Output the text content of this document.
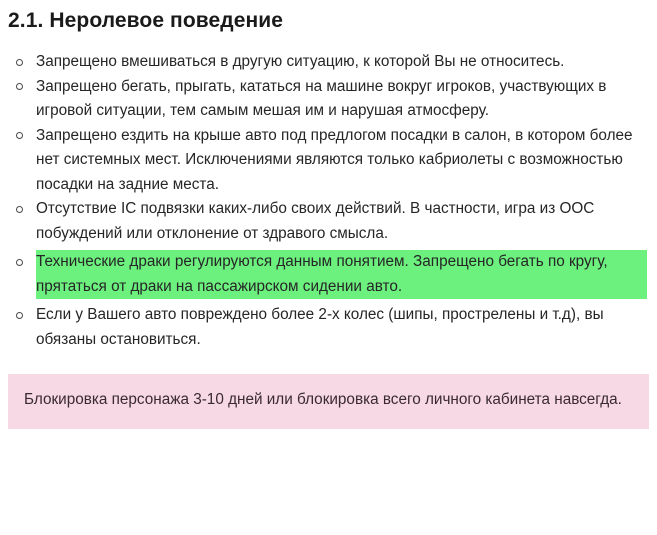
2.1. Неролевое поведение
Запрещено вмешиваться в другую ситуацию, к которой Вы не относитесь.
Запрещено бегать, прыгать, кататься на машине вокруг игроков, участвующих в игровой ситуации, тем самым мешая им и нарушая атмосферу.
Запрещено ездить на крыше авто под предлогом посадки в салон, в котором более нет системных мест. Исключениями являются только кабриолеты с возможностью посадки на задние места.
Отсутствие IC подвязки каких-либо своих действий. В частности, игра из ООС побуждений или отклонение от здравого смысла.
Технические драки регулируются данным понятием. Запрещено бегать по кругу, прятаться от драки на пассажирском сидении авто.
Если у Вашего авто повреждено более 2-х колес (шипы, прострелены и т.д), вы обязаны остановиться.
Блокировка персонажа 3-10 дней или блокировка всего личного кабинета навсегда.
